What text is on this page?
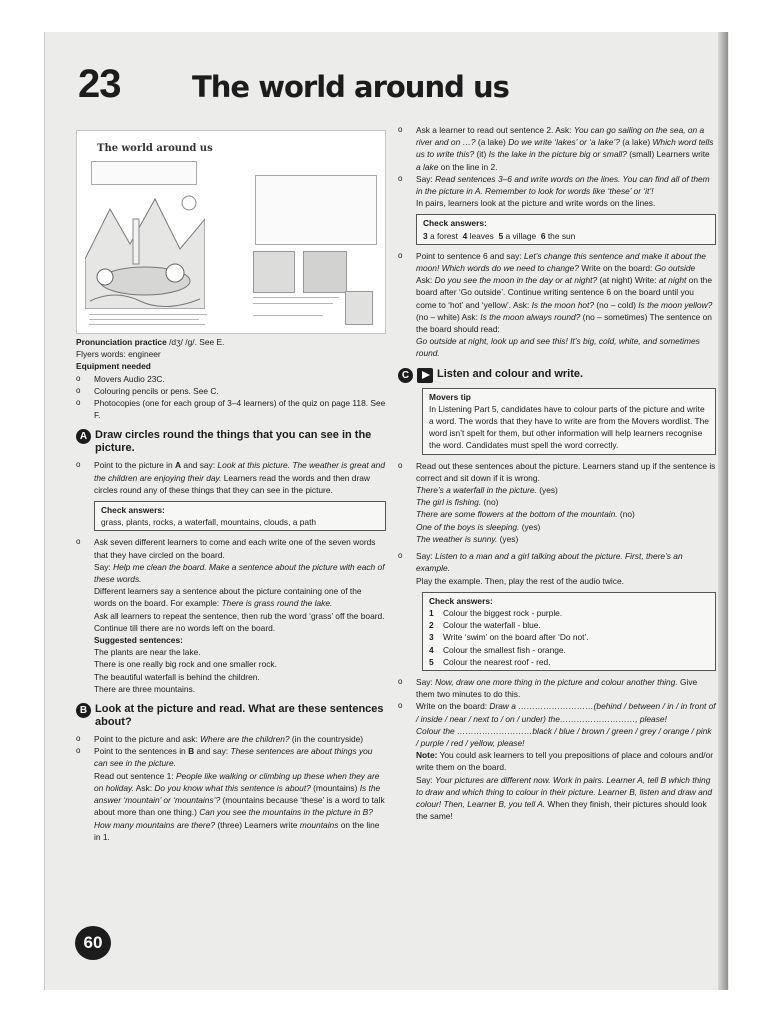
23 The world around us
The world around us

Pronunciation practice /dʒ/ /g/. See E.

Flyers words: engineer

Equipment needed

o Movers Audio 23C.

o Colouring pencils or pens. See C.

o Photocopies (one for each group of 3–4 learners) of the quiz on page 118. See F.

A Draw circles round the things that you can see in the picture.

o Point to the picture in A and say: Look at this picture. The weather is great and the children are enjoying their day. Learners read the words and then draw circles round any of these things that they can see in the picture.

Check answers:

grass, plants, rocks, a waterfall, mountains, clouds, a path

o Ask seven different learners to come and each write one of the seven words that they have circled on the board.

Say: Help me clean the board. Make a sentence about the picture with each of these words.

Different learners say a sentence about the picture containing one of the words on the board. For example: There is grass round the lake.

Ask all learners to repeat the sentence, then rub the word ‘grass’ off the board. Continue till there are no words left on the board.

Suggested sentences:

The plants are near the lake.

There is one really big rock and one smaller rock.

The beautiful waterfall is behind the children.

There are three mountains.

B Look at the picture and read. What are these sentences about?

o Point to the picture and ask: Where are the children? (in the countryside)

o Point to the sentences in B and say: These sentences are about things you can see in the picture.

Read out sentence 1: People like walking or climbing up these when they are on holiday. Ask: Do you know what this sentence is about? (mountains) Is the answer ‘mountain’ or ‘mountains’? (mountains because ‘these’ is a word to talk about more than one thing.) Can you see the mountains in the picture in B? How many mountains are there? (three) Learners write mountains on the line in 1.

o Ask a learner to read out sentence 2. Ask: You can go sailing on the sea, on a river and on …? (a lake) Do we write ‘lakes’ or ‘a lake’? (a lake) Which word tells us to write this? (it) Is the lake in the picture big or small? (small) Learners write a lake on the line in 2.

o Say: Read sentences 3–6 and write words on the lines. You can find all of them in the picture in A. Remember to look for words like ‘these’ or ‘it’!

In pairs, learners look at the picture and write words on the lines.

Check answers:

3 a forest 4 leaves 5 a village 6 the sun

o Point to sentence 6 and say: Let’s change this sentence and make it about the moon! Which words do we need to change? Write on the board: Go outside

Ask: Do you see the moon in the day or at night? (at night) Write: at night on the board after ‘Go outside’. Continue writing sentence 6 on the board until you come to ‘hot’ and ‘yellow’. Ask: Is the moon hot? (no – cold) Is the moon yellow? (no – white) Ask: Is the moon always round? (no – sometimes) The sentence on the board should read:

Go outside at night, look up and see this! It’s big, cold, white, and sometimes round.

C	Listen and colour and write.

Movers tip

In Listening Part 5, candidates have to colour parts of the picture and write a word. The words that they have to write are from the Movers wordlist. The word isn’t spelt for them, but other information will help learners recognise the word. Candidates must spell the word correctly.

o Read out these sentences about the picture. Learners stand up if the sentence is correct and sit down if it is wrong.

There’s a waterfall in the picture. (yes)

The girl is fishing. (no)

There are some flowers at the bottom of the mountain. (no)

One of the boys is sleeping. (yes)

The weather is sunny. (yes)

o Say: Listen to a man and a girl talking about the picture. First, there’s an example.

Play the example. Then, play the rest of the audio twice.

Check answers:

1	Colour the biggest rock - purple.
2	Colour the waterfall - blue.
3	Write ‘swim’ on the board after ‘Do not’.
4	Colour the smallest fish - orange.
5	Colour the nearest roof - red.

o Say: Now, draw one more thing in the picture and colour another thing. Give them two minutes to do this.

o Write on the board: Draw a ………………………(behind / between / in / in front of / inside / near / next to / on / under) the………………………, please!

Colour the ………………………black / blue / brown / green / grey / orange / pink / purple / red / yellow, please!

Note: You could ask learners to tell you prepositions of place and colours and/or write them on the board.

Say: Your pictures are different now. Work in pairs. Learner A, tell B which thing to draw and which thing to colour in their picture. Learner B, listen and draw and colour! Then, Learner B, you tell A. When they finish, their pictures should look the same!

60
